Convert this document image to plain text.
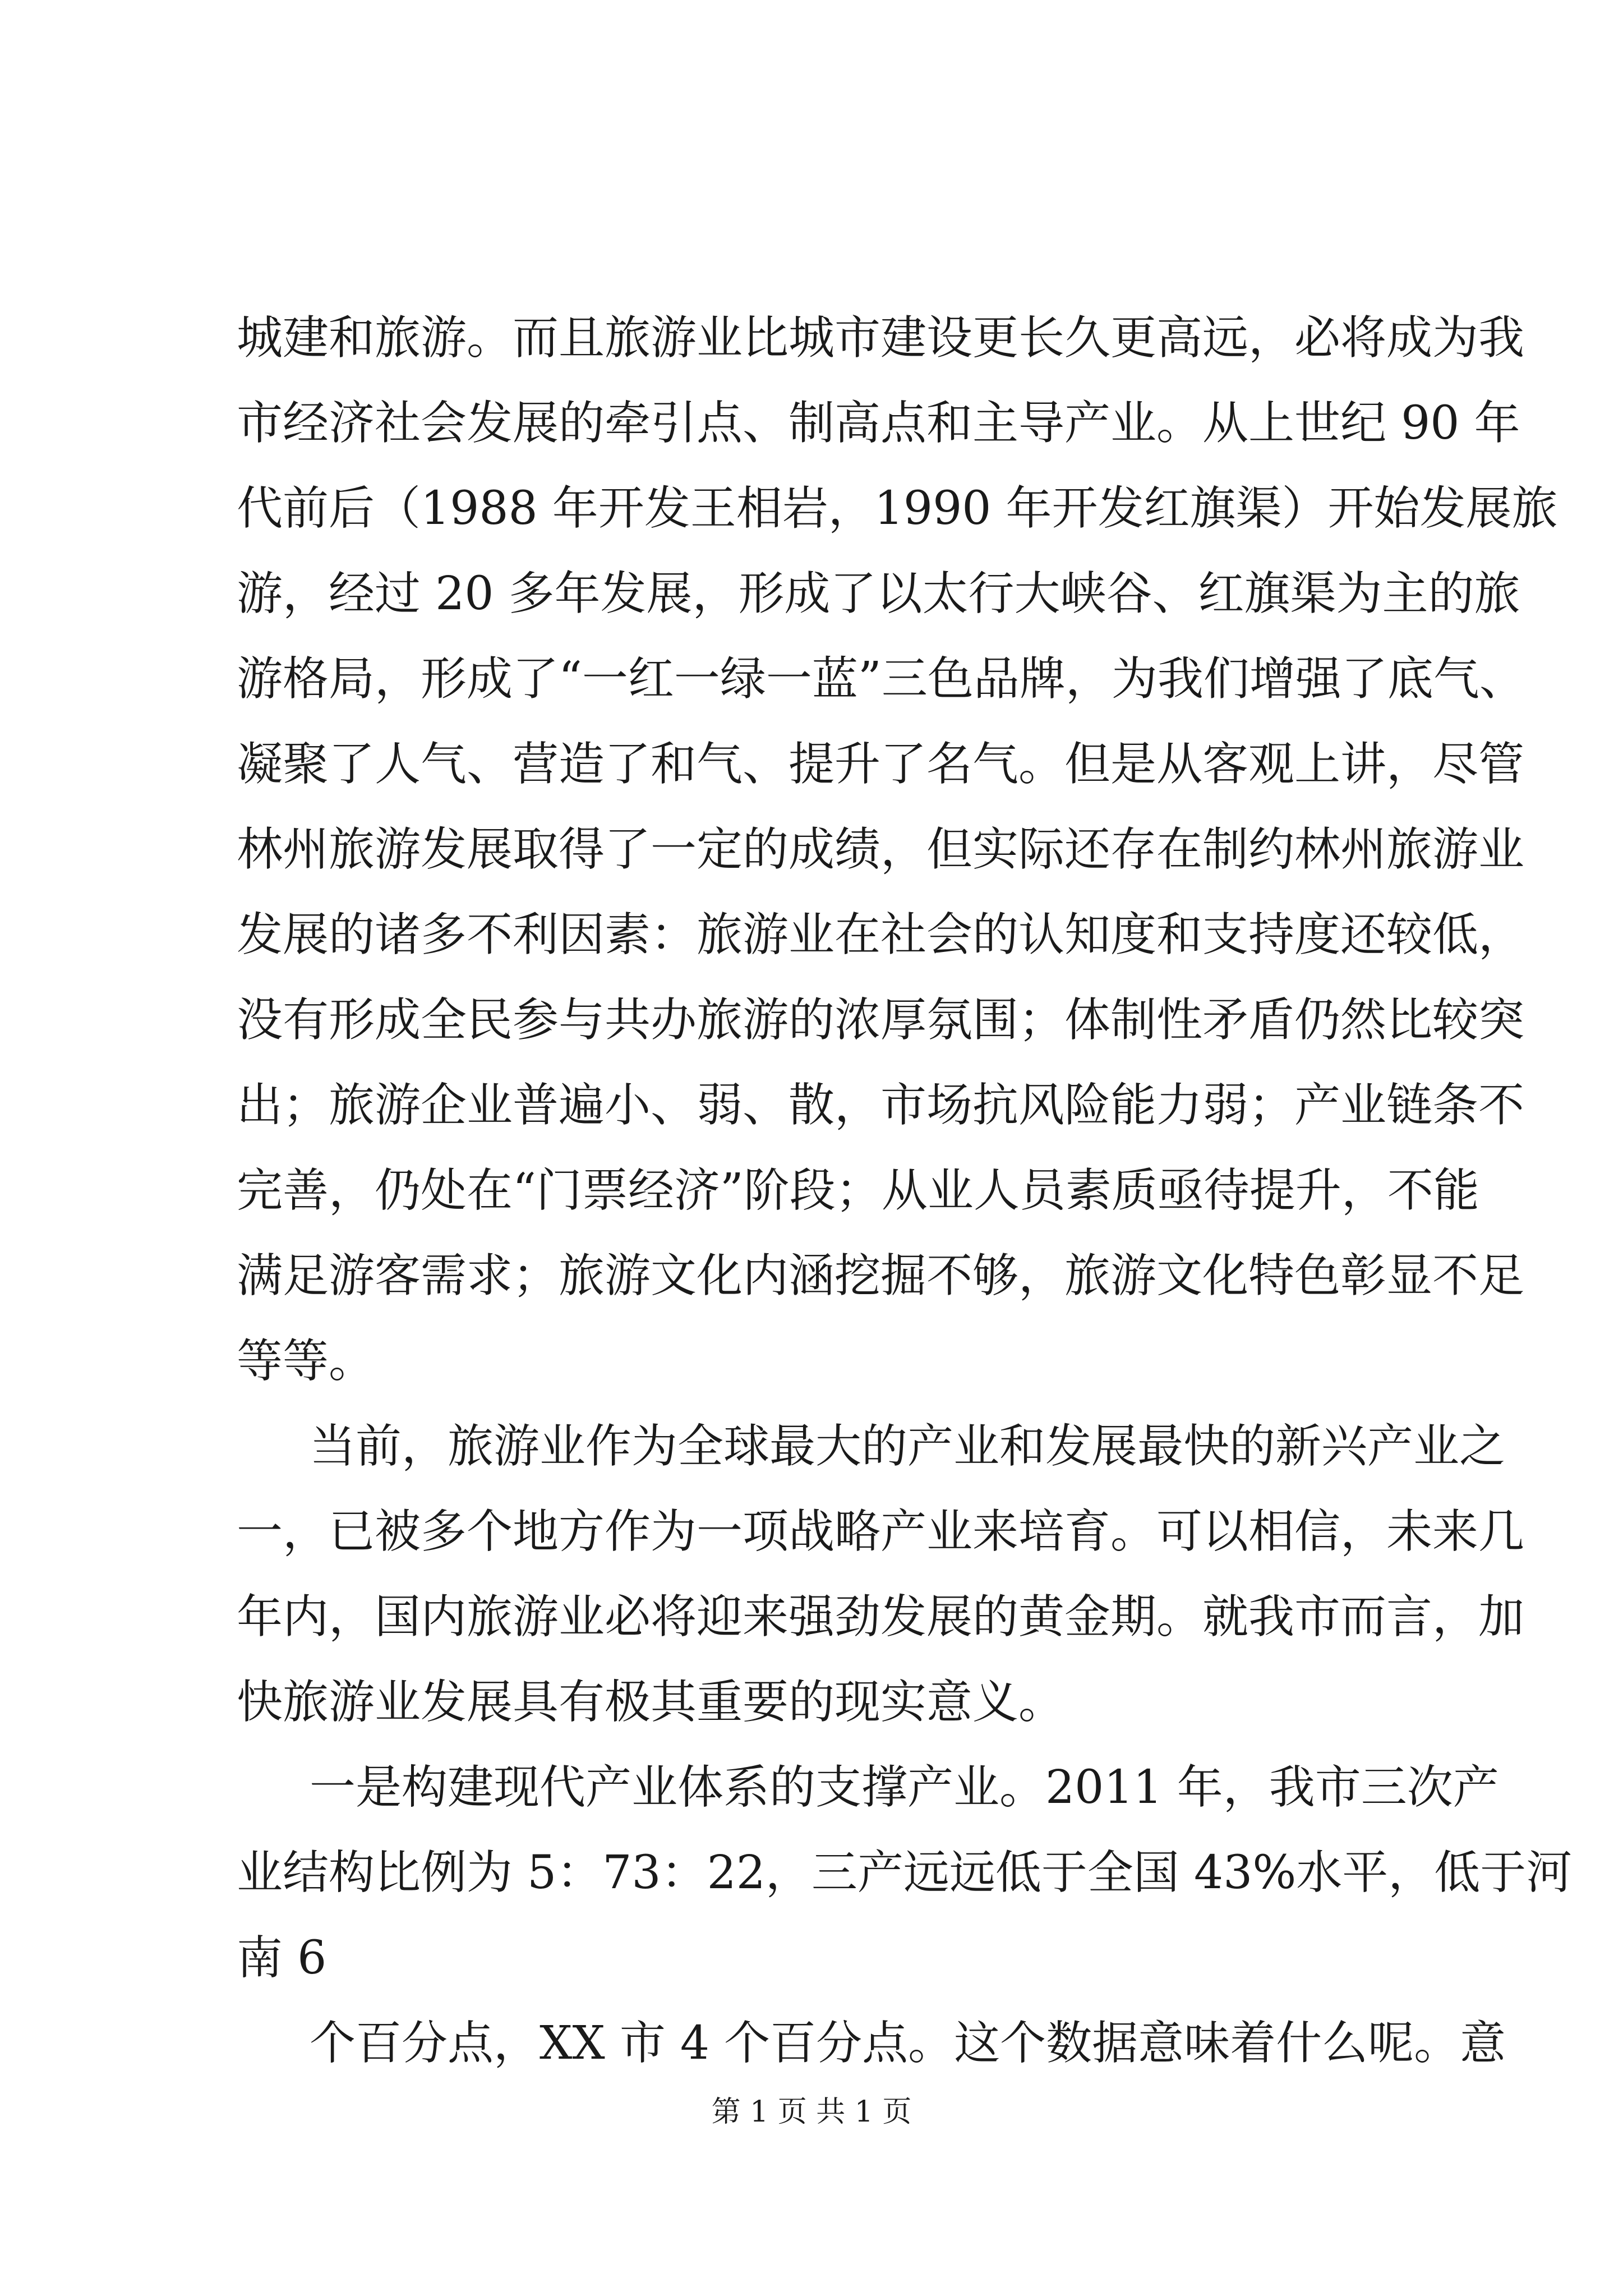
城建和旅游。而且旅游业比城市建设更长久更高远，必将成为我
市经济社会发展的牵引点、制高点和主导产业。从上世纪 90 年
代前后（1988 年开发王相岩，1990 年开发红旗渠）开始发展旅
游，经过 20 多年发展，形成了以太行大峡谷、红旗渠为主的旅
游格局，形成了“一红一绿一蓝”三色品牌，为我们增强了底气、
凝聚了人气、营造了和气、提升了名气。但是从客观上讲，尽管
林州旅游发展取得了一定的成绩，但实际还存在制约林州旅游业
发展的诸多不利因素：旅游业在社会的认知度和支持度还较低，
没有形成全民参与共办旅游的浓厚氛围；体制性矛盾仍然比较突
出；旅游企业普遍小、弱、散，市场抗风险能力弱；产业链条不
完善，仍处在“门票经济”阶段；从业人员素质亟待提升，不能
满足游客需求；旅游文化内涵挖掘不够，旅游文化特色彰显不足
等等。
当前，旅游业作为全球最大的产业和发展最快的新兴产业之
一，已被多个地方作为一项战略产业来培育。可以相信，未来几
年内，国内旅游业必将迎来强劲发展的黄金期。就我市而言，加
快旅游业发展具有极其重要的现实意义。
一是构建现代产业体系的支撑产业。2011 年，我市三次产
业结构比例为 5：73：22，三产远远低于全国 43%水平，低于河
南 6
个百分点，XX 市 4 个百分点。这个数据意味着什么呢。意
第 1 页 共 1 页
